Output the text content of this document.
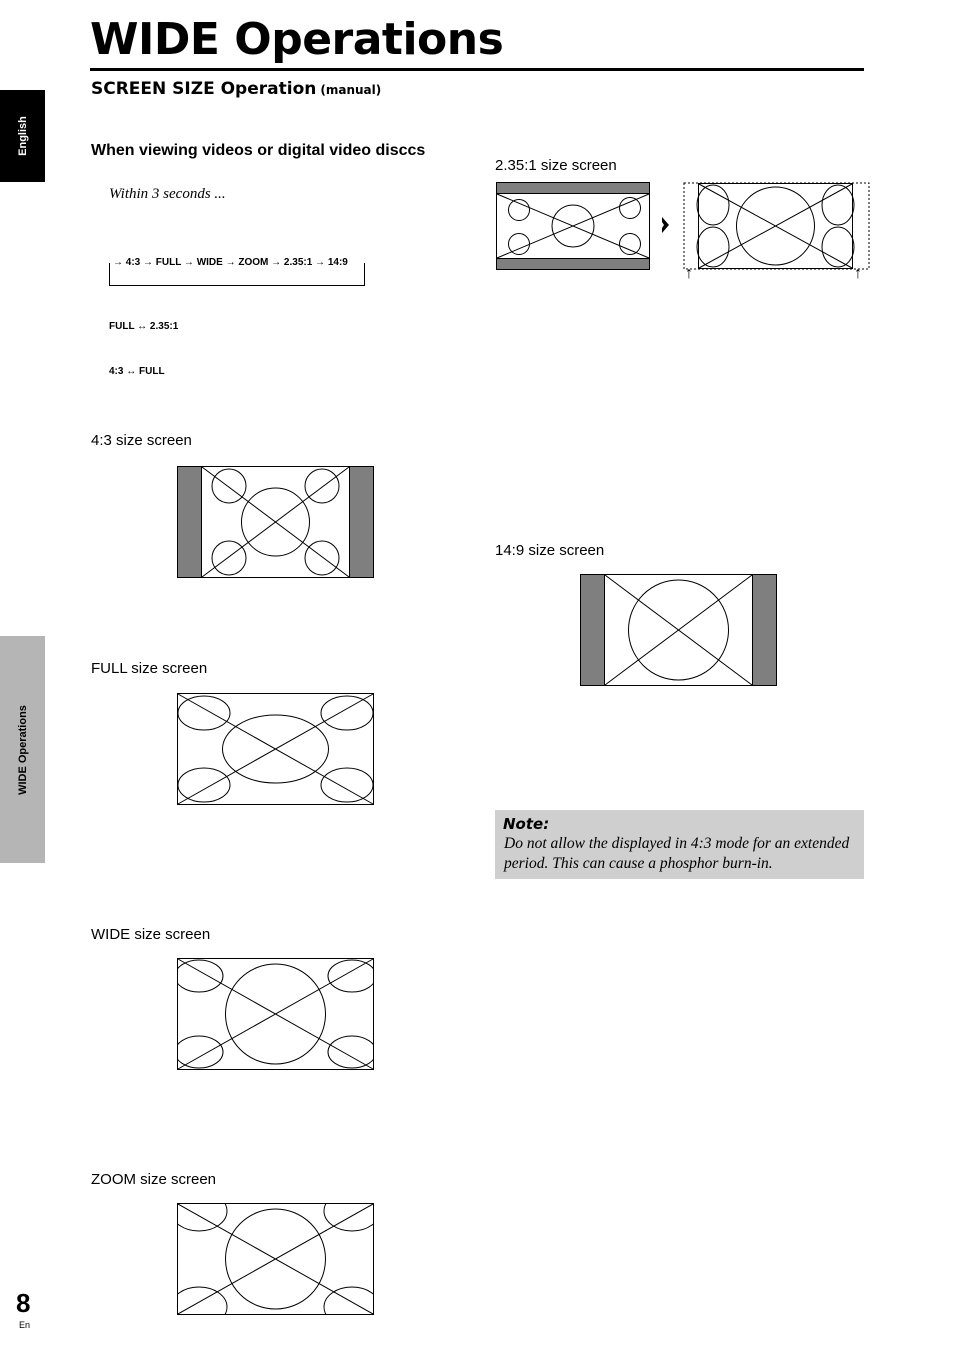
WIDE Operations
SCREEN SIZE Operation (manual)
English
WIDE Operations
When viewing videos or digital video disccs
Within 3 seconds ...
→ 4:3 → FULL → WIDE → ZOOM → 2.35:1 → 14:9
FULL ↔ 2.35:1
4:3 ↔ FULL
4:3 size screen
FULL size screen
WIDE size screen
ZOOM size screen
2.35:1 size screen
↑	↑
14:9 size screen
Note:
Do not allow the displayed in 4:3 mode for an extended period. This can cause a phosphor burn-in.
8
En
